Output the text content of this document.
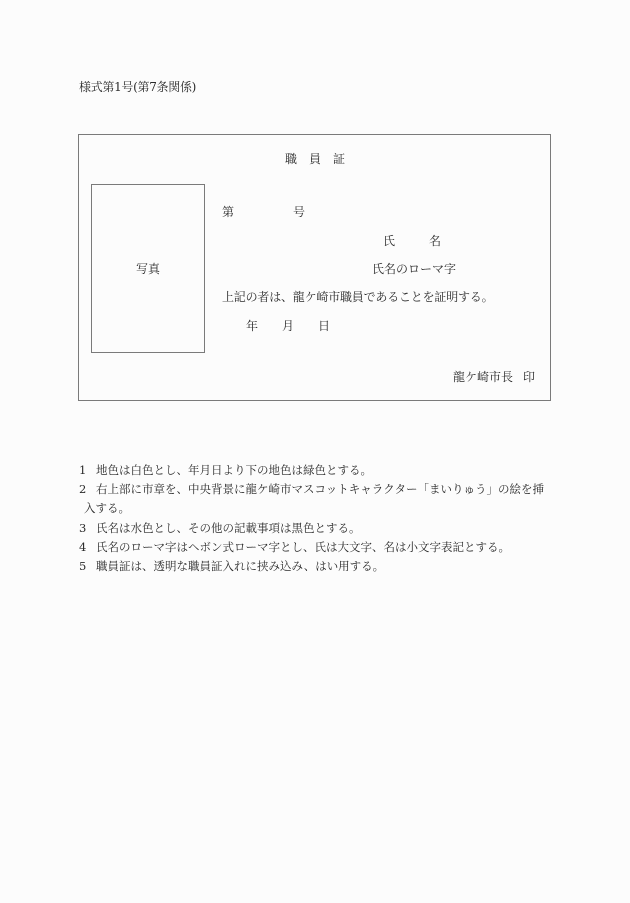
様式第1号(第7条関係)
職員証
第	号
氏	名
氏名のローマ字
写真
上記の者は、龍ケ崎市職員であることを証明する。
年 月 日
龍ケ崎市長 印
1 地色は白色とし、年月日より下の地色は緑色とする。
2 右上部に市章を、中央背景に龍ケ崎市マスコットキャラクター「まいりゅう」の絵を挿
入する。
3 氏名は水色とし、その他の記載事項は黒色とする。
4 氏名のローマ字はヘボン式ローマ字とし、氏は大文字、名は小文字表記とする。
5 職員証は、透明な職員証入れに挟み込み、はい用する。
